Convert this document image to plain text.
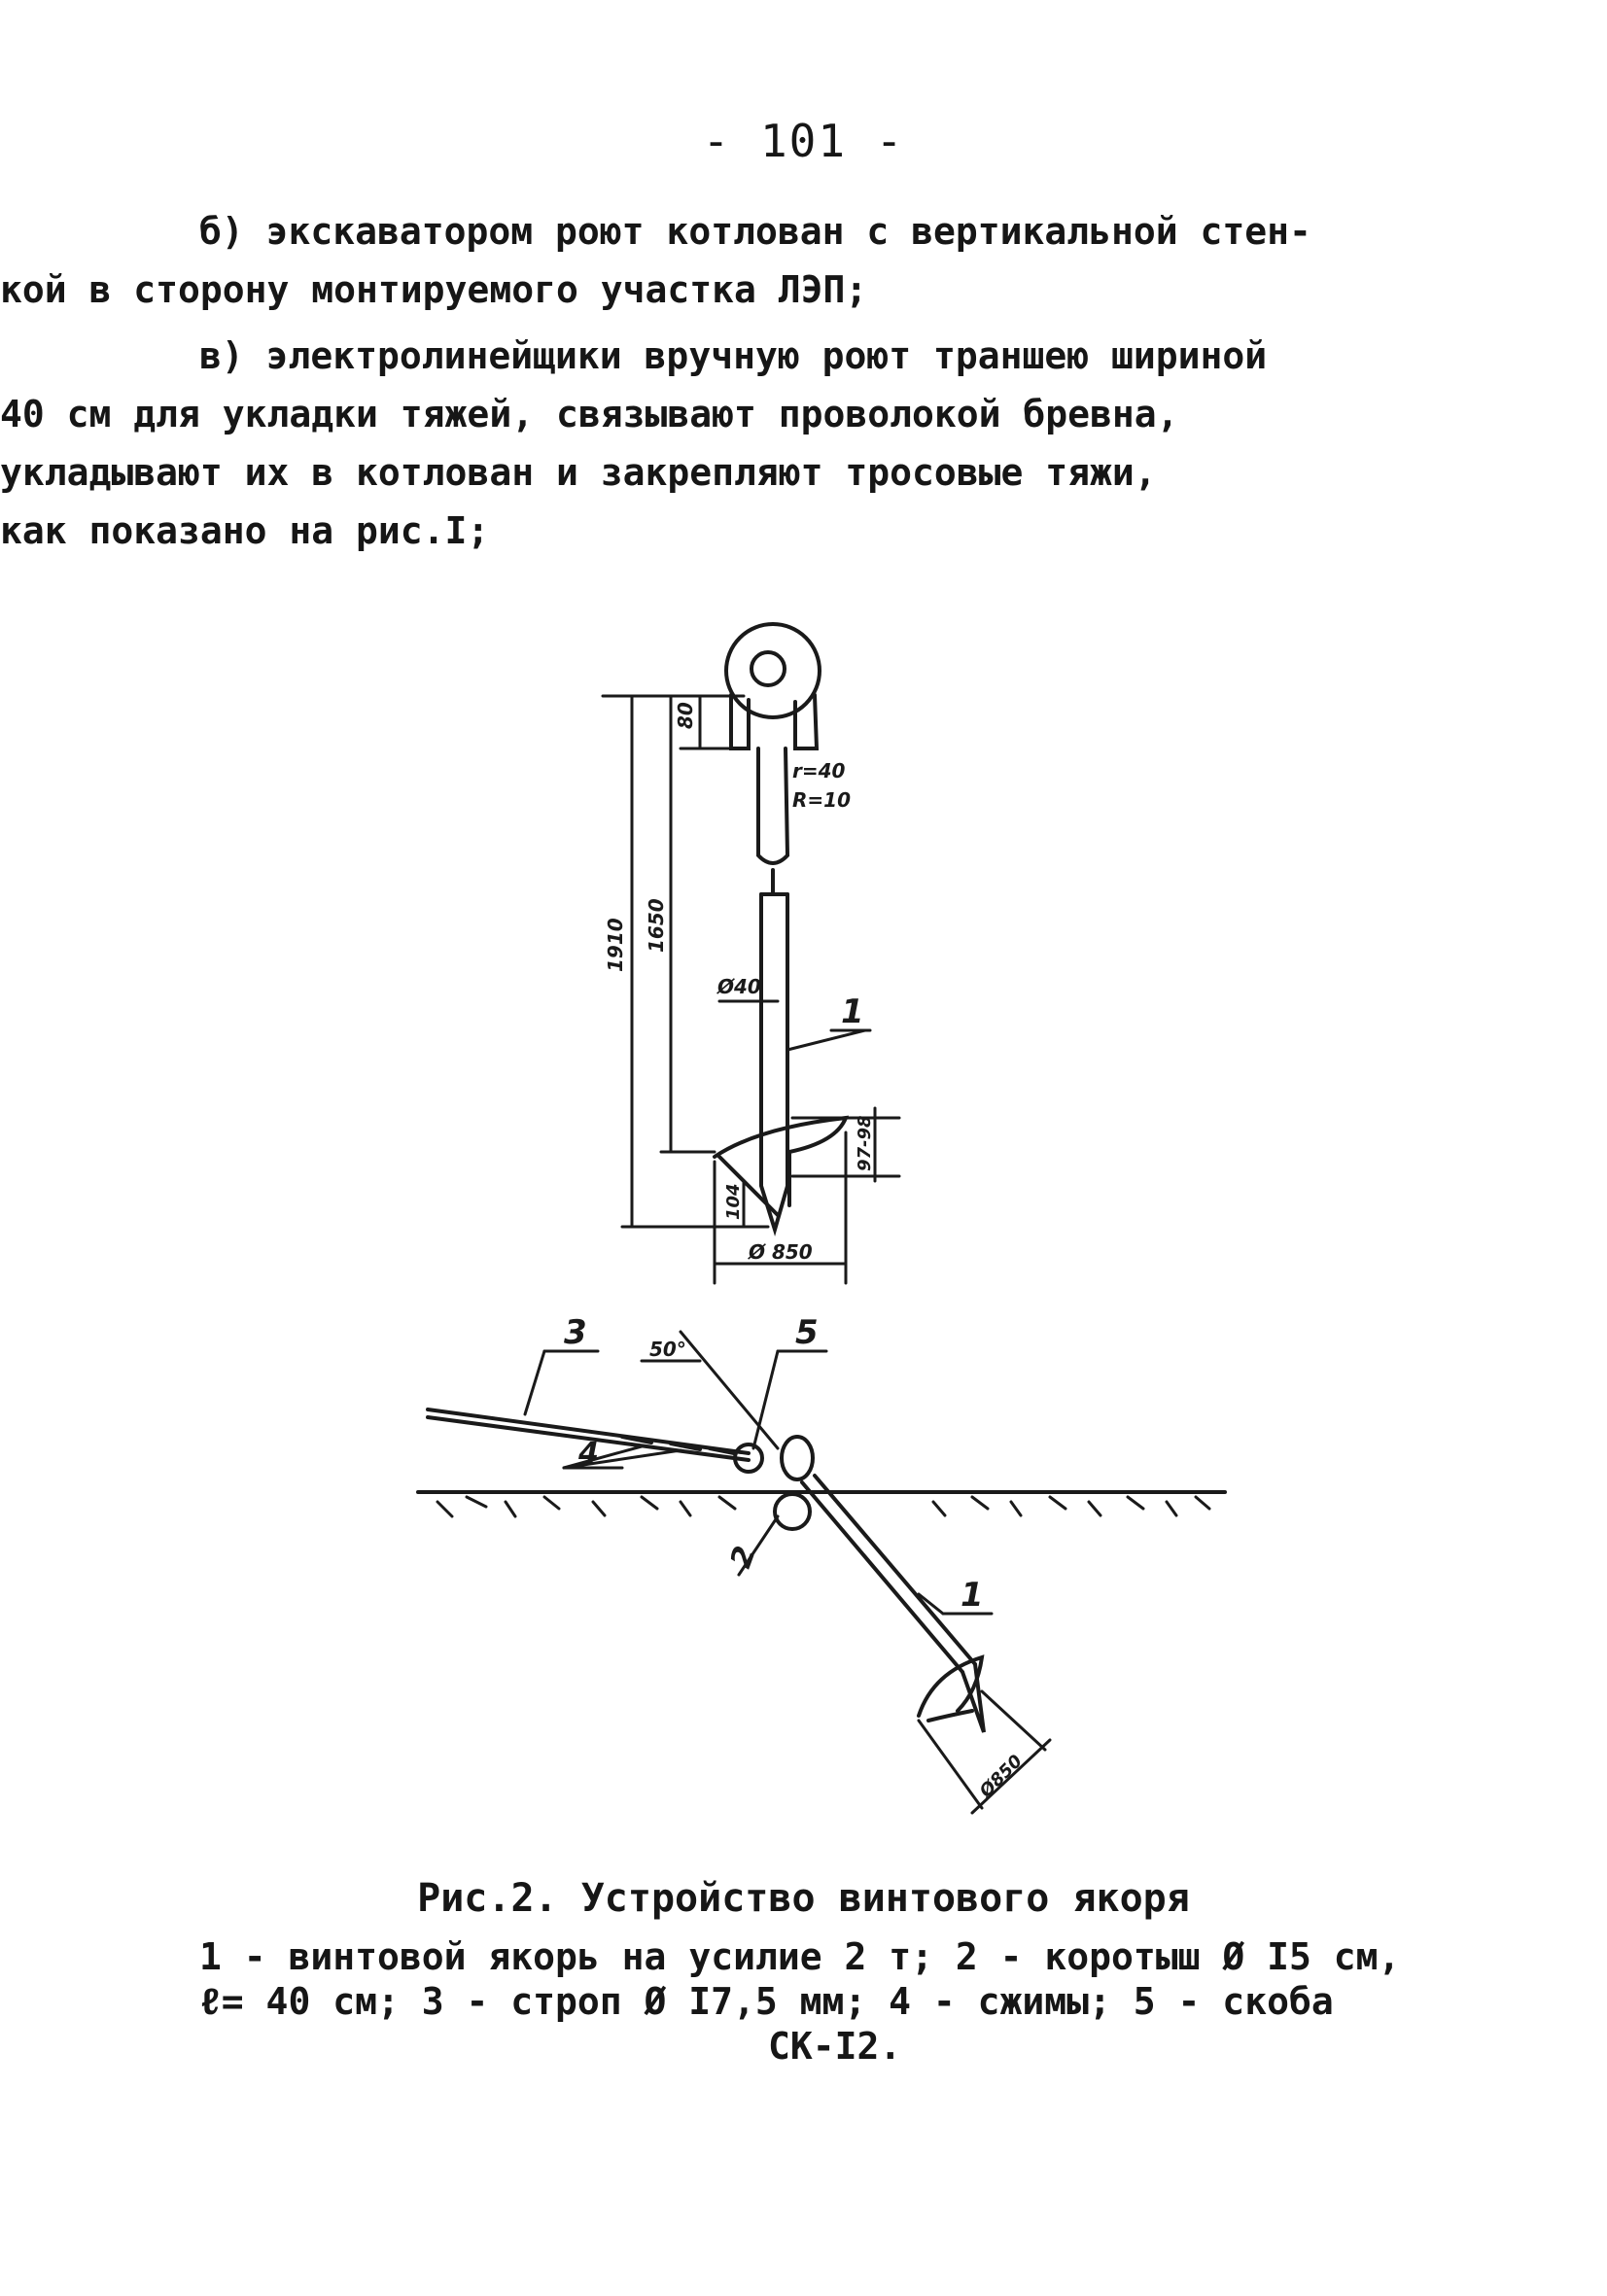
- 101 -
б) экскаватором роют котлован с вертикальной стен-
кой в сторону монтируемого участка ЛЭП;
в) электролинейщики вручную роют траншею шириной
40 см для укладки тяжей, связывают проволокой бревна,
укладывают их в котлован и закрепляют тросовые тяжи,
как показано на рис.I;
80
1910 1650
Ø40
97-98
104
Ø 850
r=40
R=10
1
50°
3	5
4
2
1
Ø850
Рис.2. Устройство винтового якоря
1 - винтовой якорь на усилие 2 т; 2 - коротыш Ø I5 см,
ℓ= 40 см; 3 - строп Ø I7,5 мм; 4 - сжимы; 5 - скоба

СК-I2.
